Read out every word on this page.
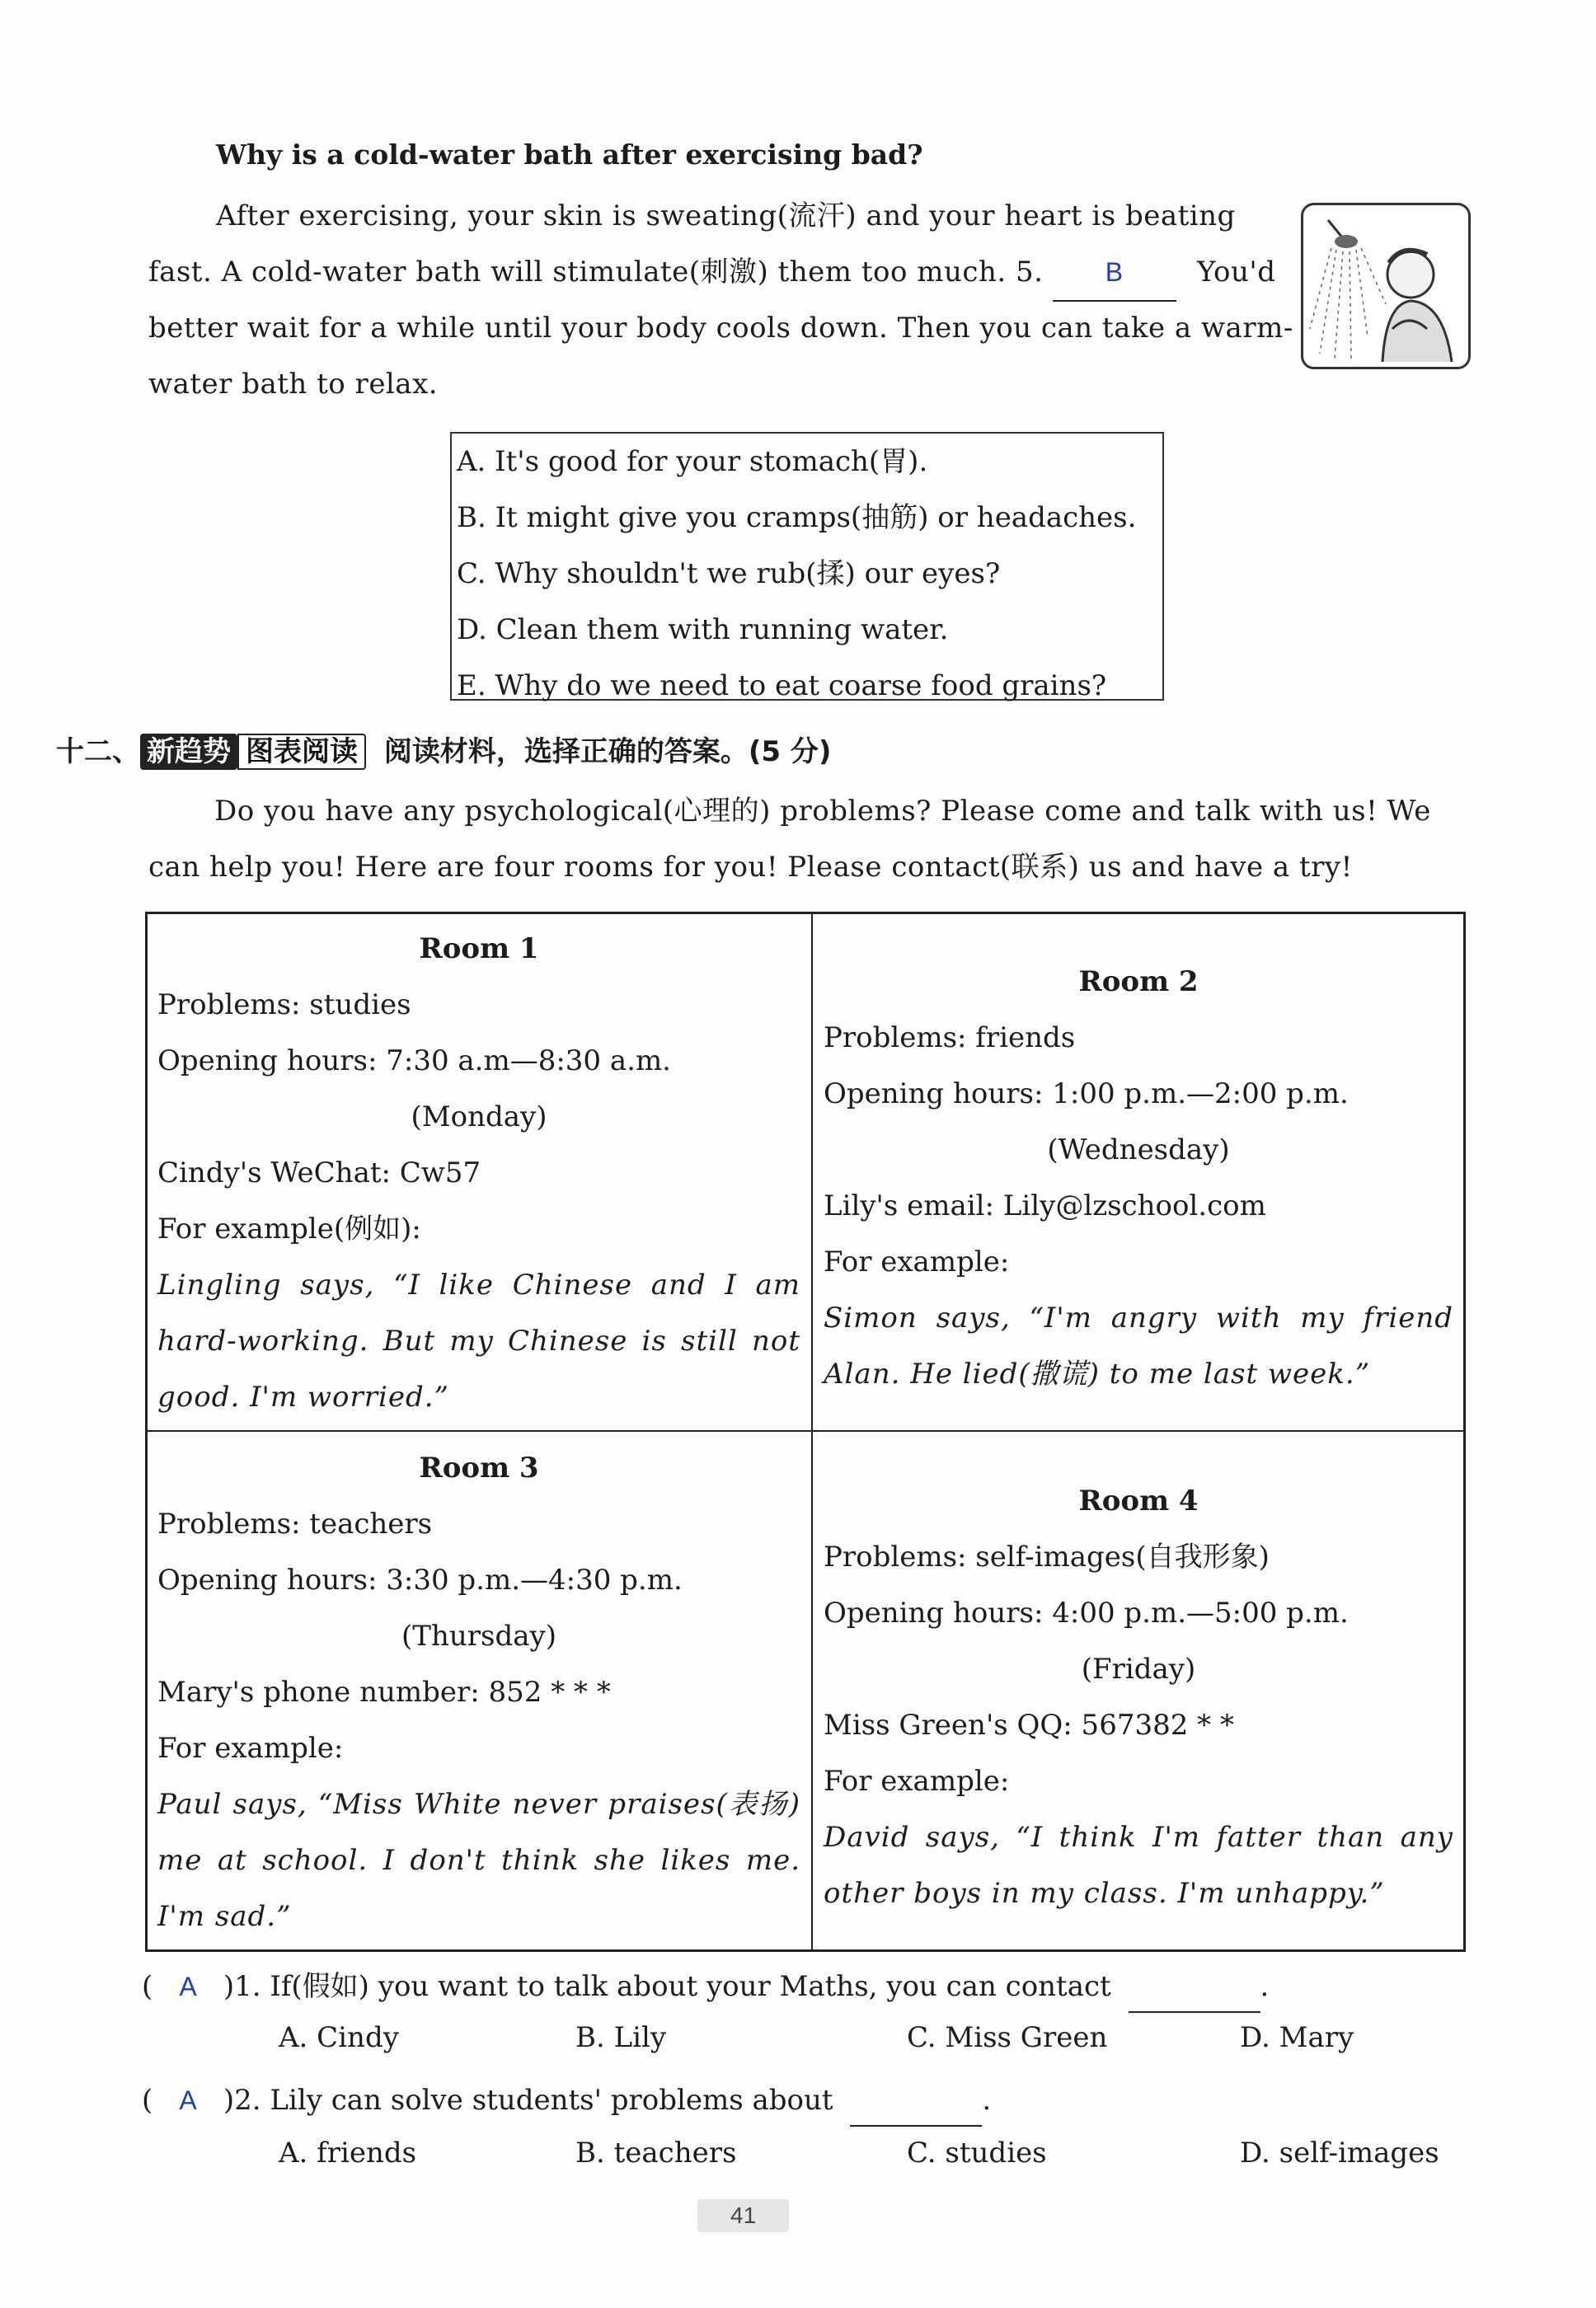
Why is a cold-water bath after exercising bad?
After exercising, your skin is sweating(流汗) and your heart is beating
fast. A cold-water bath will stimulate(刺激) them too much. 5. B	You'd
better wait for a while until your body cools down. Then you can take a warm-
water bath to relax.
A. It's good for your stomach(胃).
B. It might give you cramps(抽筋) or headaches.
C. Why shouldn't we rub(揉) our eyes?
D. Clean them with running water.
E. Why do we need to eat coarse food grains?
十二、 新趋势 图表阅读 阅读材料，选择正确的答案。(5 分)
Do you have any psychological(心理的) problems? Please come and talk with us! We
can help you! Here are four rooms for you! Please contact(联系) us and have a try!
Room 1
Problems: studies
Opening hours: 7:30 a.m—8:30 a.m.
(Monday)
Cindy's WeChat: Cw57
For example(例如):
Lingling says, “I like Chinese and I am hard-working. But my Chinese is still not good. I'm worried.”
Room 2
Problems: friends
Opening hours: 1:00 p.m.—2:00 p.m.
(Wednesday)
Lily's email: Lily@lzschool.com
For example:
Simon says, “I'm angry with my friend Alan. He lied(撒谎) to me last week.”
Room 3
Problems: teachers
Opening hours: 3:30 p.m.—4:30 p.m.
(Thursday)
Mary's phone number: 852 * * *
For example:
Paul says, “Miss White never praises(表扬) me at school. I don't think she likes me. I'm sad.”
Room 4
Problems: self-images(自我形象)
Opening hours: 4:00 p.m.—5:00 p.m.
(Friday)
Miss Green's QQ: 567382 * *
For example:
David says, “I think I'm fatter than any other boys in my class. I'm unhappy.”
( A )1. If(假如) you want to talk about your Maths, you can contact	.
A. Cindy	B. Lily	C. Miss Green	D. Mary
( A )2. Lily can solve students' problems about	.
A. friends	B. teachers	C. studies	D. self-images
41
